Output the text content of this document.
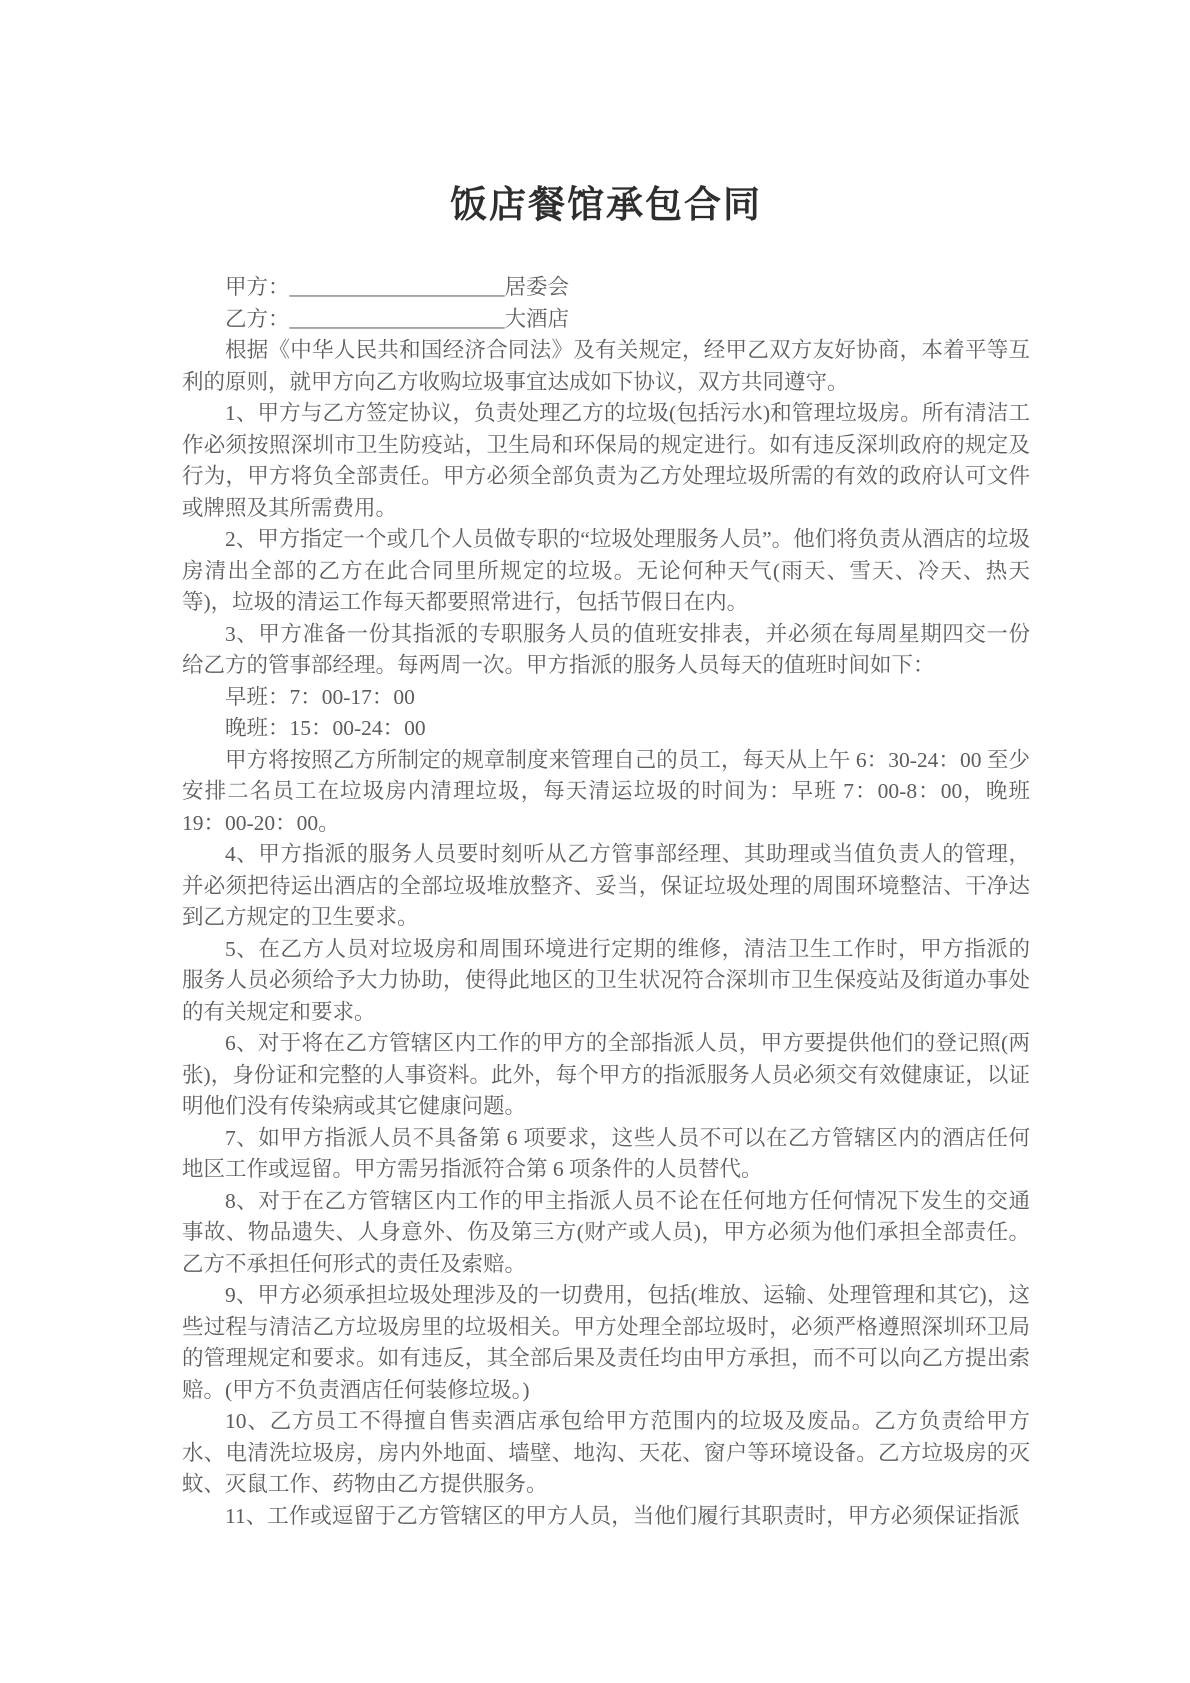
饭店餐馆承包合同
甲方：____________________居委会
乙方：____________________大酒店

根据《中华人民共和国经济合同法》及有关规定，经甲乙双方友好协商，本着平等互利的原则，就甲方向乙方收购垃圾事宜达成如下协议，双方共同遵守。

1、甲方与乙方签定协议，负责处理乙方的垃圾(包括污水)和管理垃圾房。所有清洁工作必须按照深圳市卫生防疫站，卫生局和环保局的规定进行。如有违反深圳政府的规定及行为，甲方将负全部责任。甲方必须全部负责为乙方处理垃圾所需的有效的政府认可文件或牌照及其所需费用。

2、甲方指定一个或几个人员做专职的“垃圾处理服务人员”。他们将负责从酒店的垃圾房清出全部的乙方在此合同里所规定的垃圾。无论何种天气(雨天、雪天、冷天、热天等)，垃圾的清运工作每天都要照常进行，包括节假日在内。

3、甲方准备一份其指派的专职服务人员的值班安排表，并必须在每周星期四交一份给乙方的管事部经理。每两周一次。甲方指派的服务人员每天的值班时间如下：

早班：7：00-17：00

晚班：15：00-24：00

甲方将按照乙方所制定的规章制度来管理自己的员工，每天从上午 6：30-24：00 至少安排二名员工在垃圾房内清理垃圾，每天清运垃圾的时间为：早班 7：00-8：00，晚班 19：00-20：00。

4、甲方指派的服务人员要时刻听从乙方管事部经理、其助理或当值负责人的管理，并必须把待运出酒店的全部垃圾堆放整齐、妥当，保证垃圾处理的周围环境整洁、干净达到乙方规定的卫生要求。

5、在乙方人员对垃圾房和周围环境进行定期的维修，清洁卫生工作时，甲方指派的服务人员必须给予大力协助，使得此地区的卫生状况符合深圳市卫生保疫站及街道办事处的有关规定和要求。

6、对于将在乙方管辖区内工作的甲方的全部指派人员，甲方要提供他们的登记照(两张)，身份证和完整的人事资料。此外，每个甲方的指派服务人员必须交有效健康证，以证明他们没有传染病或其它健康问题。

7、如甲方指派人员不具备第 6 项要求，这些人员不可以在乙方管辖区内的酒店任何地区工作或逗留。甲方需另指派符合第 6 项条件的人员替代。

8、对于在乙方管辖区内工作的甲主指派人员不论在任何地方任何情况下发生的交通事故、物品遗失、人身意外、伤及第三方(财产或人员)，甲方必须为他们承担全部责任。乙方不承担任何形式的责任及索赔。

9、甲方必须承担垃圾处理涉及的一切费用，包括(堆放、运输、处理管理和其它)，这些过程与清洁乙方垃圾房里的垃圾相关。甲方处理全部垃圾时，必须严格遵照深圳环卫局的管理规定和要求。如有违反，其全部后果及责任均由甲方承担，而不可以向乙方提出索赔。(甲方不负责酒店任何装修垃圾。)

10、乙方员工不得擅自售卖酒店承包给甲方范围内的垃圾及废品。乙方负责给甲方水、电清洗垃圾房，房内外地面、墙壁、地沟、天花、窗户等环境设备。乙方垃圾房的灭蚊、灭鼠工作、药物由乙方提供服务。

11、工作或逗留于乙方管辖区的甲方人员，当他们履行其职责时，甲方必须保证指派
